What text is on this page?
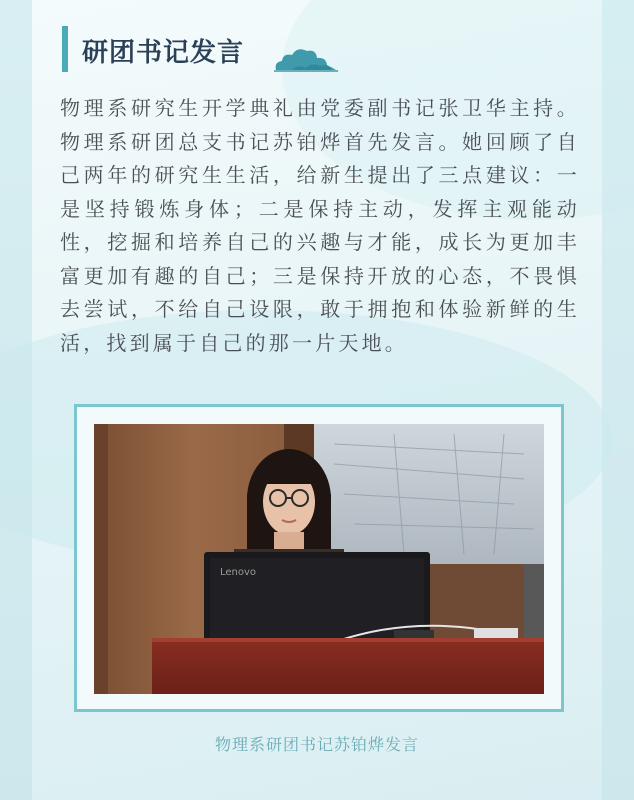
研团书记发言
物理系研究生开学典礼由党委副书记张卫华主持。物理系研团总支书记苏铂烨首先发言。她回顾了自己两年的研究生生活，给新生提出了三点建议：一是坚持锻炼身体；二是保持主动，发挥主观能动性，挖掘和培养自己的兴趣与才能，成长为更加丰富更加有趣的自己；三是保持开放的心态，不畏惧去尝试，不给自己设限，敢于拥抱和体验新鲜的生活，找到属于自己的那一片天地。
Lenovo
物理系研团书记苏铂烨发言
